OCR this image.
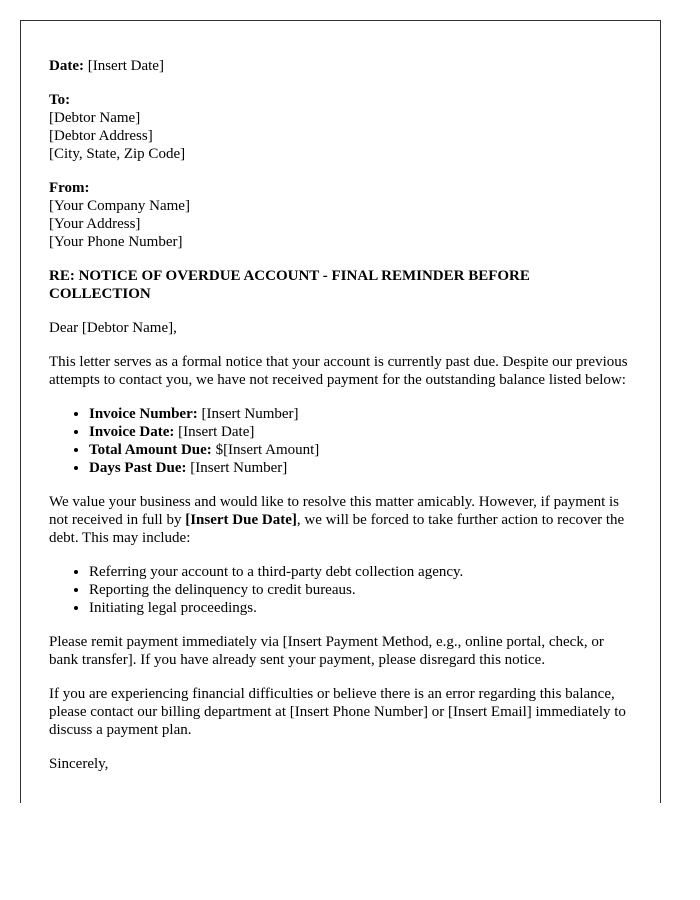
Date: [Insert Date]

To:
[Debtor Name]
[Debtor Address]
[City, State, Zip Code]

From:
[Your Company Name]
[Your Address]
[Your Phone Number]

RE: NOTICE OF OVERDUE ACCOUNT - FINAL REMINDER BEFORE COLLECTION

Dear [Debtor Name],

This letter serves as a formal notice that your account is currently past due. Despite our previous attempts to contact you, we have not received payment for the outstanding balance listed below:

• Invoice Number: [Insert Number]
• Invoice Date: [Insert Date]
• Total Amount Due: $[Insert Amount]
• Days Past Due: [Insert Number]

We value your business and would like to resolve this matter amicably. However, if payment is not received in full by [Insert Due Date], we will be forced to take further action to recover the debt. This may include:

• Referring your account to a third-party debt collection agency.
• Reporting the delinquency to credit bureaus.
• Initiating legal proceedings.

Please remit payment immediately via [Insert Payment Method, e.g., online portal, check, or bank transfer]. If you have already sent your payment, please disregard this notice.

If you are experiencing financial difficulties or believe there is an error regarding this balance, please contact our billing department at [Insert Phone Number] or [Insert Email] immediately to discuss a payment plan.

Sincerely,
